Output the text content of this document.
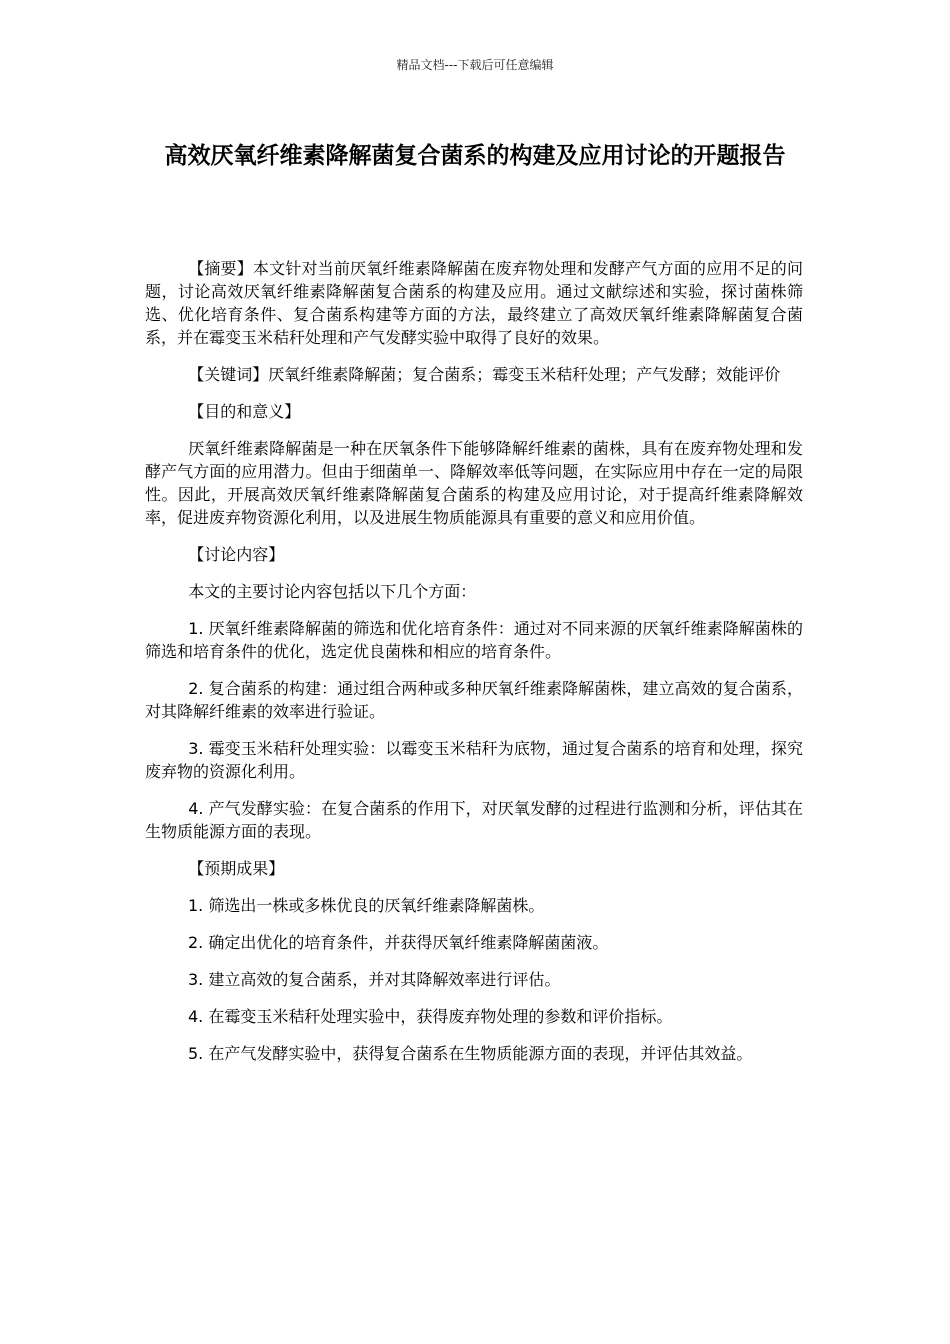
精品文档---下载后可任意编辑
高效厌氧纤维素降解菌复合菌系的构建及应用讨论的开题报告

【摘要】本文针对当前厌氧纤维素降解菌在废弃物处理和发酵产气方面的应用不足的问题，讨论高效厌氧纤维素降解菌复合菌系的构建及应用。通过文献综述和实验，探讨菌株筛选、优化培育条件、复合菌系构建等方面的方法，最终建立了高效厌氧纤维素降解菌复合菌系，并在霉变玉米秸秆处理和产气发酵实验中取得了良好的效果。

【关键词】厌氧纤维素降解菌；复合菌系；霉变玉米秸秆处理；产气发酵；效能评价

【目的和意义】

厌氧纤维素降解菌是一种在厌氧条件下能够降解纤维素的菌株，具有在废弃物处理和发酵产气方面的应用潜力。但由于细菌单一、降解效率低等问题，在实际应用中存在一定的局限性。因此，开展高效厌氧纤维素降解菌复合菌系的构建及应用讨论，对于提高纤维素降解效率，促进废弃物资源化利用，以及进展生物质能源具有重要的意义和应用价值。

【讨论内容】

本文的主要讨论内容包括以下几个方面：

1. 厌氧纤维素降解菌的筛选和优化培育条件：通过对不同来源的厌氧纤维素降解菌株的筛选和培育条件的优化，选定优良菌株和相应的培育条件。

2. 复合菌系的构建：通过组合两种或多种厌氧纤维素降解菌株，建立高效的复合菌系，对其降解纤维素的效率进行验证。

3. 霉变玉米秸秆处理实验：以霉变玉米秸秆为底物，通过复合菌系的培育和处理，探究废弃物的资源化利用。

4. 产气发酵实验：在复合菌系的作用下，对厌氧发酵的过程进行监测和分析，评估其在生物质能源方面的表现。

【预期成果】

1. 筛选出一株或多株优良的厌氧纤维素降解菌株。

2. 确定出优化的培育条件，并获得厌氧纤维素降解菌菌液。

3. 建立高效的复合菌系，并对其降解效率进行评估。

4. 在霉变玉米秸秆处理实验中，获得废弃物处理的参数和评价指标。

5. 在产气发酵实验中，获得复合菌系在生物质能源方面的表现，并评估其效益。
